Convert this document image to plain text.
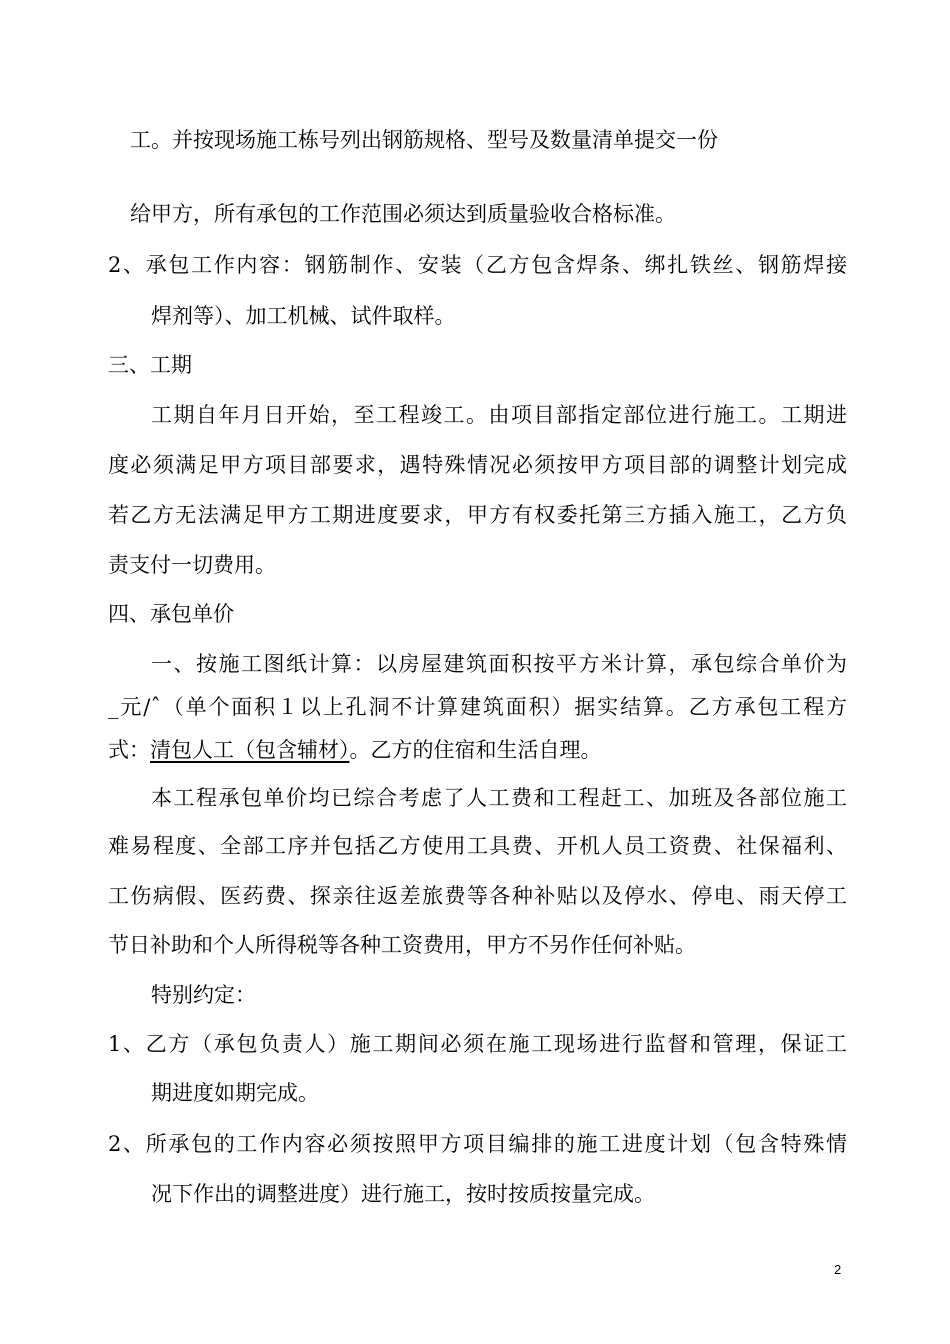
工。并按现场施工栋号列出钢筋规格、型号及数量清单提交一份
给甲方，所有承包的工作范围必须达到质量验收合格标准。
2、承包工作内容：钢筋制作、安装（乙方包含焊条、绑扎铁丝、钢筋焊接
焊剂等）、加工机械、试件取样。
三、工期
工期自年月日开始，至工程竣工。由项目部指定部位进行施工。工期进
度必须满足甲方项目部要求，遇特殊情况必须按甲方项目部的调整计划完成
若乙方无法满足甲方工期进度要求，甲方有权委托第三方插入施工，乙方负
责支付一切费用。
四、承包单价
一、按施工图纸计算：以房屋建筑面积按平方米计算，承包综合单价为
_元/ˆ（单个面积１以上孔洞不计算建筑面积）据实结算。乙方承包工程方
式：清包人工（包含辅材）。乙方的住宿和生活自理。
本工程承包单价均已综合考虑了人工费和工程赶工、加班及各部位施工
难易程度、全部工序并包括乙方使用工具费、开机人员工资费、社保福利、
工伤病假、医药费、探亲往返差旅费等各种补贴以及停水、停电、雨天停工
节日补助和个人所得税等各种工资费用，甲方不另作任何补贴。
特别约定：
1、乙方（承包负责人）施工期间必须在施工现场进行监督和管理，保证工
期进度如期完成。
2、所承包的工作内容必须按照甲方项目编排的施工进度计划（包含特殊情
况下作出的调整进度）进行施工，按时按质按量完成。
2
